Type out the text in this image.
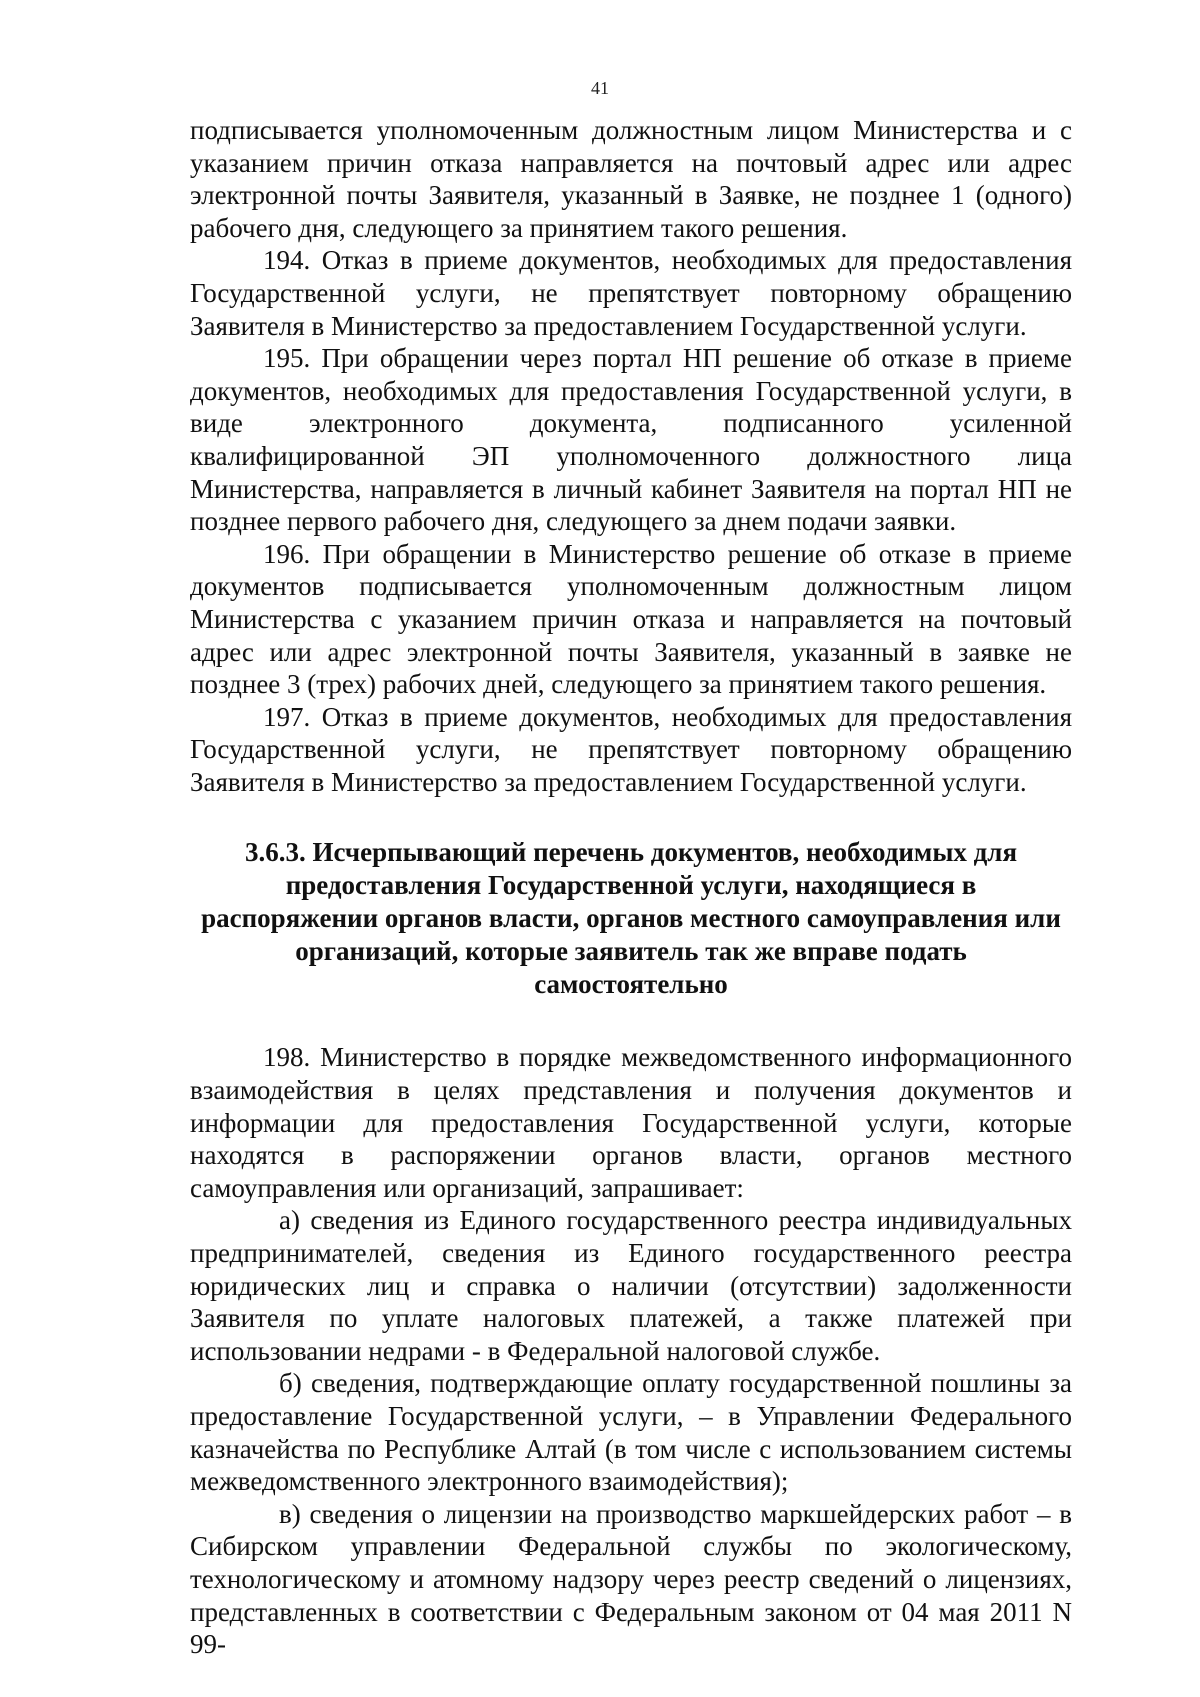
41

подписывается уполномоченным должностным лицом Министерства и с указанием причин отказа направляется на почтовый адрес или адрес электронной почты Заявителя, указанный в Заявке, не позднее 1 (одного) рабочего дня, следующего за принятием такого решения.

194. Отказ в приеме документов, необходимых для предоставления Государственной услуги, не препятствует повторному обращению Заявителя в Министерство за предоставлением Государственной услуги.

195. При обращении через портал НП решение об отказе в приеме документов, необходимых для предоставления Государственной услуги, в виде электронного документа, подписанного усиленной квалифицированной ЭП уполномоченного должностного лица Министерства, направляется в личный кабинет Заявителя на портал НП не позднее первого рабочего дня, следующего за днем подачи заявки.

196. При обращении в Министерство решение об отказе в приеме документов подписывается уполномоченным должностным лицом Министерства с указанием причин отказа и направляется на почтовый адрес или адрес электронной почты Заявителя, указанный в заявке не позднее 3 (трех) рабочих дней, следующего за принятием такого решения.

197. Отказ в приеме документов, необходимых для предоставления Государственной услуги, не препятствует повторному обращению Заявителя в Министерство за предоставлением Государственной услуги.

3.6.3. Исчерпывающий перечень документов, необходимых для предоставления Государственной услуги, находящиеся в распоряжении органов власти, органов местного самоуправления или организаций, которые заявитель так же вправе подать самостоятельно

198. Министерство в порядке межведомственного информационного взаимодействия в целях представления и получения документов и информации для предоставления Государственной услуги, которые находятся в распоряжении органов власти, органов местного самоуправления или организаций, запрашивает:

а) сведения из Единого государственного реестра индивидуальных предпринимателей, сведения из Единого государственного реестра юридических лиц и справка о наличии (отсутствии) задолженности Заявителя по уплате налоговых платежей, а также платежей при использовании недрами - в Федеральной налоговой службе.

б) сведения, подтверждающие оплату государственной пошлины за предоставление Государственной услуги, – в Управлении Федерального казначейства по Республике Алтай (в том числе с использованием системы межведомственного электронного взаимодействия);

в) сведения о лицензии на производство маркшейдерских работ – в Сибирском управлении Федеральной службы по экологическому, технологическому и атомному надзору через реестр сведений о лицензиях, представленных в соответствии с Федеральным законом от 04 мая 2011 N 99-
